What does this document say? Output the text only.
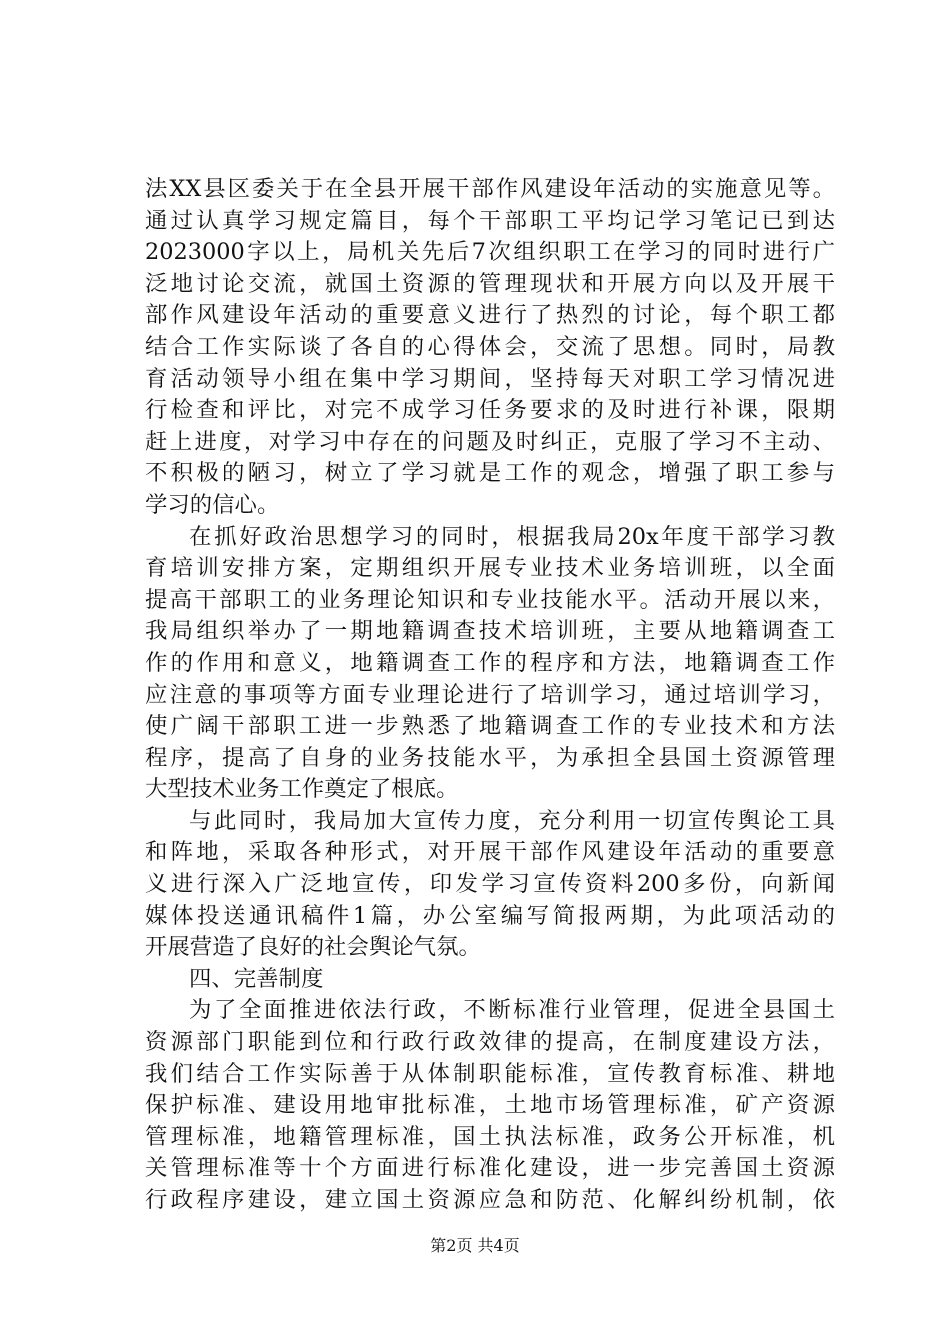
法XX县区委关于在全县开展干部作风建设年活动的实施意见等。
通过认真学习规定篇目，每个干部职工平均记学习笔记已到达
2023000字以上，局机关先后7次组织职工在学习的同时进行广
泛地讨论交流，就国土资源的管理现状和开展方向以及开展干
部作风建设年活动的重要意义进行了热烈的讨论，每个职工都
结合工作实际谈了各自的心得体会，交流了思想。同时，局教
育活动领导小组在集中学习期间，坚持每天对职工学习情况进
行检查和评比，对完不成学习任务要求的及时进行补课，限期
赶上进度，对学习中存在的问题及时纠正，克服了学习不主动、
不积极的陋习，树立了学习就是工作的观念，增强了职工参与
学习的信心。
在抓好政治思想学习的同时，根据我局20x年度干部学习教
育培训安排方案，定期组织开展专业技术业务培训班，以全面
提高干部职工的业务理论知识和专业技能水平。活动开展以来，
我局组织举办了一期地籍调查技术培训班，主要从地籍调查工
作的作用和意义，地籍调查工作的程序和方法，地籍调查工作
应注意的事项等方面专业理论进行了培训学习，通过培训学习，
使广阔干部职工进一步熟悉了地籍调查工作的专业技术和方法
程序，提高了自身的业务技能水平，为承担全县国土资源管理
大型技术业务工作奠定了根底。
与此同时，我局加大宣传力度，充分利用一切宣传舆论工具
和阵地，采取各种形式，对开展干部作风建设年活动的重要意
义进行深入广泛地宣传，印发学习宣传资料200多份，向新闻
媒体投送通讯稿件1篇，办公室编写简报两期，为此项活动的
开展营造了良好的社会舆论气氛。
四、完善制度
为了全面推进依法行政，不断标准行业管理，促进全县国土
资源部门职能到位和行政行政效律的提高，在制度建设方法，
我们结合工作实际善于从体制职能标准，宣传教育标准、耕地
保护标准、建设用地审批标准，土地市场管理标准，矿产资源
管理标准，地籍管理标准，国土执法标准，政务公开标准，机
关管理标准等十个方面进行标准化建设，进一步完善国土资源
行政程序建设，建立国土资源应急和防范、化解纠纷机制，依
第2页 共4页
